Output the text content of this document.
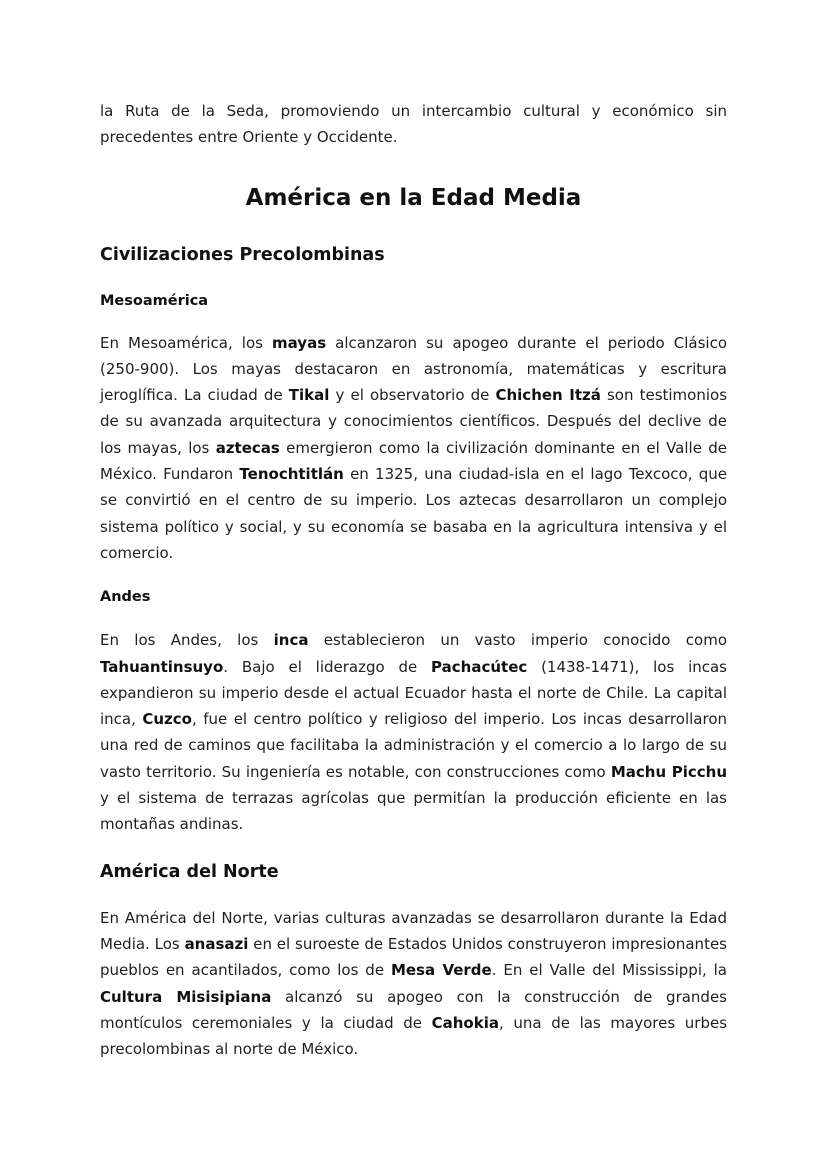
la Ruta de la Seda, promoviendo un intercambio cultural y económico sin precedentes entre Oriente y Occidente.

América en la Edad Media
Civilizaciones Precolombinas
Mesoamérica

En Mesoamérica, los mayas alcanzaron su apogeo durante el periodo Clásico (250-900). Los mayas destacaron en astronomía, matemáticas y escritura jeroglífica. La ciudad de Tikal y el observatorio de Chichen Itzá son testimonios de su avanzada arquitectura y conocimientos científicos. Después del declive de los mayas, los aztecas emergieron como la civilización dominante en el Valle de México. Fundaron Tenochtitlán en 1325, una ciudad-isla en el lago Texcoco, que se convirtió en el centro de su imperio. Los aztecas desarrollaron un complejo sistema político y social, y su economía se basaba en la agricultura intensiva y el comercio.

Andes

En los Andes, los inca establecieron un vasto imperio conocido como Tahuantinsuyo. Bajo el liderazgo de Pachacútec (1438-1471), los incas expandieron su imperio desde el actual Ecuador hasta el norte de Chile. La capital inca, Cuzco, fue el centro político y religioso del imperio. Los incas desarrollaron una red de caminos que facilitaba la administración y el comercio a lo largo de su vasto territorio. Su ingeniería es notable, con construcciones como Machu Picchu y el sistema de terrazas agrícolas que permitían la producción eficiente en las montañas andinas.

América del Norte

En América del Norte, varias culturas avanzadas se desarrollaron durante la Edad Media. Los anasazi en el suroeste de Estados Unidos construyeron impresionantes pueblos en acantilados, como los de Mesa Verde. En el Valle del Mississippi, la Cultura Misisipiana alcanzó su apogeo con la construcción de grandes montículos ceremoniales y la ciudad de Cahokia, una de las mayores urbes precolombinas al norte de México.
